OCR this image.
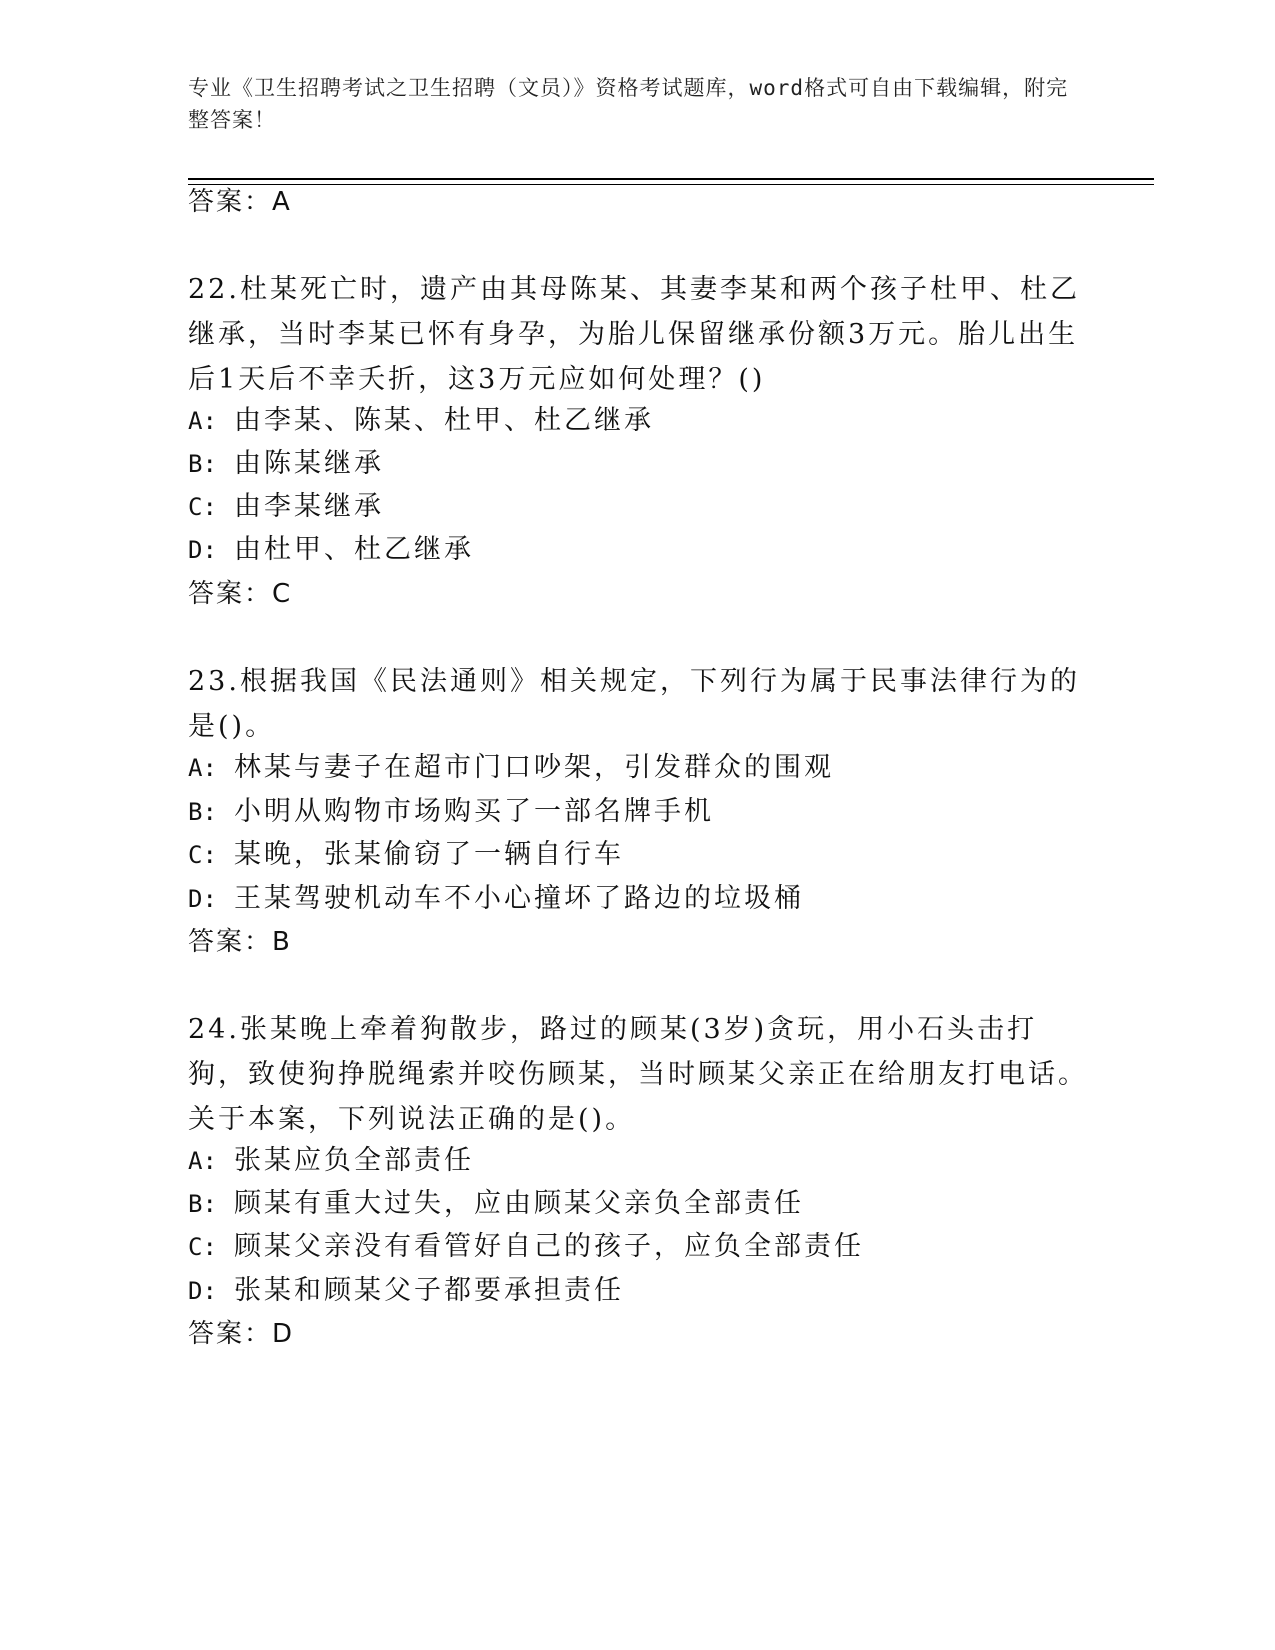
专业《卫生招聘考试之卫生招聘（文员）》资格考试题库，word格式可自由下载编辑，附完整答案！
答案：A
22.杜某死亡时，遗产由其母陈某、其妻李某和两个孩子杜甲、杜乙继承，当时李某已怀有身孕，为胎儿保留继承份额3万元。胎儿出生后1天后不幸夭折，这3万元应如何处理？()
A: 由李某、陈某、杜甲、杜乙继承
B: 由陈某继承
C: 由李某继承
D: 由杜甲、杜乙继承
答案：C
23.根据我国《民法通则》相关规定，下列行为属于民事法律行为的是()。
A: 林某与妻子在超市门口吵架，引发群众的围观
B: 小明从购物市场购买了一部名牌手机
C: 某晚，张某偷窃了一辆自行车
D: 王某驾驶机动车不小心撞坏了路边的垃圾桶
答案：B
24.张某晚上牵着狗散步，路过的顾某(3岁)贪玩，用小石头击打狗，致使狗挣脱绳索并咬伤顾某，当时顾某父亲正在给朋友打电话。关于本案，下列说法正确的是()。
A: 张某应负全部责任
B: 顾某有重大过失，应由顾某父亲负全部责任
C: 顾某父亲没有看管好自己的孩子，应负全部责任
D: 张某和顾某父子都要承担责任
答案：D
